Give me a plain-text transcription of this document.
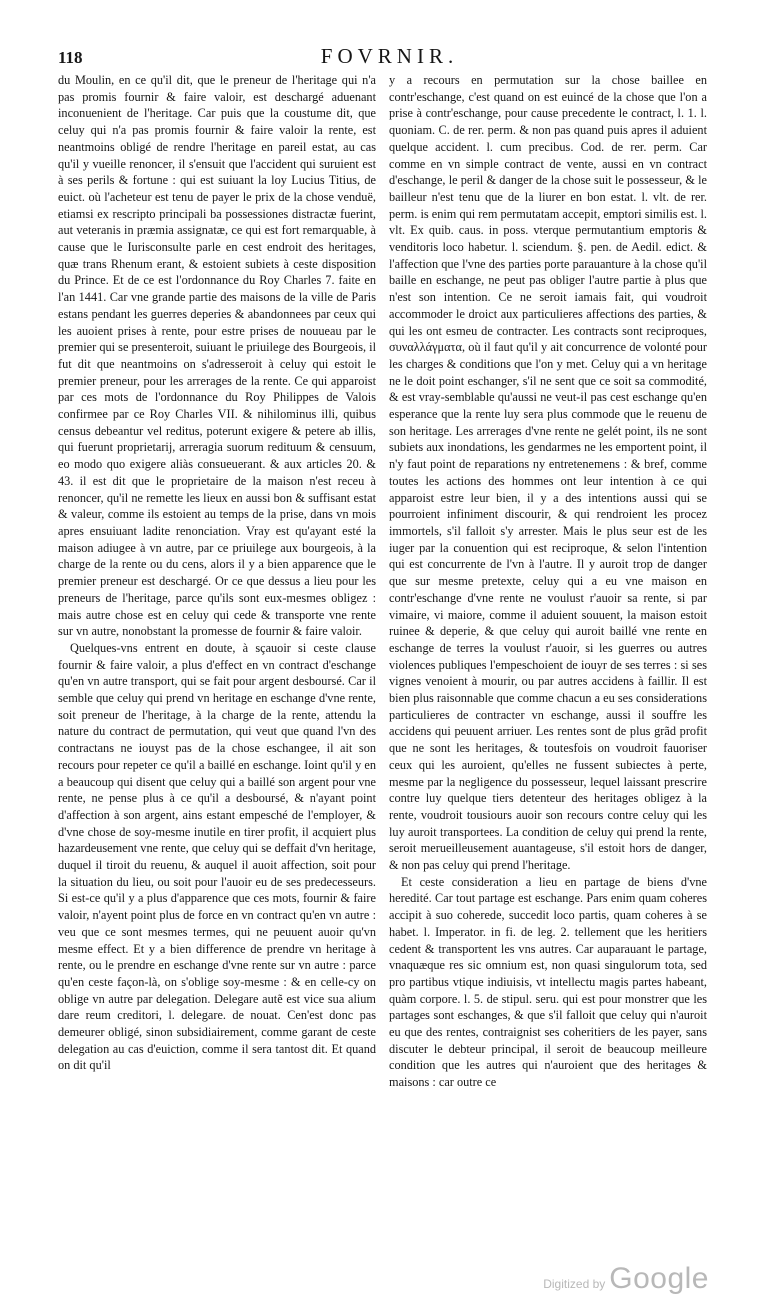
118	FOVRNIR.

du Moulin, en ce qu'il dit, que le preneur de l'heritage qui n'a pas promis fournir & faire valoir, est deschargé aduenant inconuenient de l'heritage. Car puis que la coustume dit, que celuy qui n'a pas promis fournir & faire valoir la rente, est neantmoins obligé de rendre l'heritage en pareil estat, au cas qu'il y vueille renoncer, il s'ensuit que l'accident qui suruient est à ses perils & fortune : qui est suiuant la loy Lucius Titius, de euict. où l'acheteur est tenu de payer le prix de la chose venduë, etiamsi ex rescripto principali ba possessiones distractæ fuerint, aut veteranis in præmia assignatæ, ce qui est fort remarquable, à cause que le Iurisconsulte parle en cest endroit des heritages, quæ trans Rhenum erant, & estoient subiets à ceste disposition du Prince. Et de ce est l'ordonnance du Roy Charles 7. faite en l'an 1441. Car vne grande partie des maisons de la ville de Paris estans pendant les guerres deperies & abandonnees par ceux qui les auoient prises à rente, pour estre prises de nouueau par le premier qui se presenteroit, suiuant le priuilege des Bourgeois, il fut dit que neantmoins on s'adresseroit à celuy qui estoit le premier preneur, pour les arrerages de la rente. Ce qui apparoist par ces mots de l'ordonnance du Roy Philippes de Valois confirmee par ce Roy Charles VII. & nihilominus illi, quibus census debeantur vel reditus, poterunt exigere & petere ab illis, qui fuerunt proprietarij, arreragia suorum redituum & censuum, eo modo quo exigere aliàs consueuerant. & aux articles 20. & 43. il est dit que le proprietaire de la maison n'est receu à renoncer, qu'il ne remette les lieux en aussi bon & suffisant estat & valeur, comme ils estoient au temps de la prise, dans vn mois apres ensuiuant ladite renonciation. Vray est qu'ayant esté la maison adiugee à vn autre, par ce priuilege aux bourgeois, à la charge de la rente ou du cens, alors il y a bien apparence que le premier preneur est deschargé. Or ce que dessus a lieu pour les preneurs de l'heritage, parce qu'ils sont eux-mesmes obligez : mais autre chose est en celuy qui cede & transporte vne rente sur vn autre, nonobstant la promesse de fournir & faire valoir.

Quelques-vns entrent en doute, à sçauoir si ceste clause fournir & faire valoir, a plus d'effect en vn contract d'eschange qu'en vn autre transport, qui se fait pour argent desboursé. Car il semble que celuy qui prend vn heritage en eschange d'vne rente, soit preneur de l'heritage, à la charge de la rente, attendu la nature du contract de permutation, qui veut que quand l'vn des contractans ne iouyst pas de la chose eschangee, il ait son recours pour repeter ce qu'il a baillé en eschange. Ioint qu'il y en a beaucoup qui disent que celuy qui a baillé son argent pour vne rente, ne pense plus à ce qu'il a desboursé, & n'ayant point d'affection à son argent, ains estant empesché de l'employer, & d'vne chose de soy-mesme inutile en tirer profit, il acquiert plus hazardeusement vne rente, que celuy qui se deffait d'vn heritage, duquel il tiroit du reuenu, & auquel il auoit affection, soit pour la situation du lieu, ou soit pour l'auoir eu de ses predecesseurs. Si est-ce qu'il y a plus d'apparence que ces mots, fournir & faire valoir, n'ayent point plus de force en vn contract qu'en vn autre : veu que ce sont mesmes termes, qui ne peuuent auoir qu'vn mesme effect. Et y a bien difference de prendre vn heritage à rente, ou le prendre en eschange d'vne rente sur vn autre : parce qu'en ceste façon-là, on s'oblige soy-mesme : & en celle-cy on oblige vn autre par delegation. Delegare autẽ est vice sua alium dare reum creditori, l. delegare. de nouat. Cen'est donc pas demeurer obligé, sinon subsidiairement, comme garant de ceste delegation au cas d'euiction, comme il sera tantost dit. Et quand on dit qu'il

y a recours en permutation sur la chose baillee en contr'eschange, c'est quand on est euincé de la chose que l'on a prise à contr'eschange, pour cause precedente le contract, l. 1. l. quoniam. C. de rer. perm. & non pas quand puis apres il aduient quelque accident. l. cum precibus. Cod. de rer. perm. Car comme en vn simple contract de vente, aussi en vn contract d'eschange, le peril & danger de la chose suit le possesseur, & le bailleur n'est tenu que de la liurer en bon estat. l. vlt. de rer. perm. is enim qui rem permutatam accepit, emptori similis est. l. vlt. Ex quib. caus. in poss. vterque permutantium emptoris & venditoris loco habetur. l. sciendum. §. pen. de Aedil. edict. & l'affection que l'vne des parties porte parauanture à la chose qu'il baille en eschange, ne peut pas obliger l'autre partie à plus que n'est son intention. Ce ne seroit iamais fait, qui voudroit accommoder le droict aux particulieres affections des parties, & qui les ont esmeu de contracter. Les contracts sont reciproques, συναλλάγματα, où il faut qu'il y ait concurrence de volonté pour les charges & conditions que l'on y met. Celuy qui a vn heritage ne le doit point eschanger, s'il ne sent que ce soit sa commodité, & est vray-semblable qu'aussi ne veut-il pas cest eschange qu'en esperance que la rente luy sera plus commode que le reuenu de son heritage. Les arrerages d'vne rente ne gelét point, ils ne sont subiets aux inondations, les gendarmes ne les emportent point, il n'y faut point de reparations ny entretenemens : & bref, comme toutes les actions des hommes ont leur intention à ce qui apparoist estre leur bien, il y a des intentions aussi qui se pourroient infiniment discourir, & qui rendroient les procez immortels, s'il falloit s'y arrester. Mais le plus seur est de les iuger par la conuention qui est reciproque, & selon l'intention qui est concurrente de l'vn à l'autre. Il y auroit trop de danger que sur mesme pretexte, celuy qui a eu vne maison en contr'eschange d'vne rente ne voulust r'auoir sa rente, si par vimaire, vi maiore, comme il aduient souuent, la maison estoit ruinee & deperie, & que celuy qui auroit baillé vne rente en eschange de terres la voulust r'auoir, si les guerres ou autres violences publiques l'empeschoient de iouyr de ses terres : si ses vignes venoient à mourir, ou par autres accidens à faillir. Il est bien plus raisonnable que comme chacun a eu ses considerations particulieres de contracter vn eschange, aussi il souffre les accidens qui peuuent arriuer. Les rentes sont de plus grãd profit que ne sont les heritages, & toutesfois on voudroit fauoriser ceux qui les auroient, qu'elles ne fussent subiectes à perte, mesme par la negligence du possesseur, lequel laissant prescrire contre luy quelque tiers detenteur des heritages obligez à la rente, voudroit tousiours auoir son recours contre celuy qui les luy auroit transportees. La condition de celuy qui prend la rente, seroit merueilleusement auantageuse, s'il estoit hors de danger, & non pas celuy qui prend l'heritage.

Et ceste consideration a lieu en partage de biens d'vne heredité. Car tout partage est eschange. Pars enim quam coheres accipit à suo coherede, succedit loco partis, quam coheres à se habet. l. Imperator. in fi. de leg. 2. tellement que les heritiers cedent & transportent les vns autres. Car auparauant le partage, vnaquæque res sic omnium est, non quasi singulorum tota, sed pro partibus vtique indiuisis, vt intellectu magis partes habeant, quàm corpore. l. 5. de stipul. seru. qui est pour monstrer que les partages sont eschanges, & que s'il falloit que celuy qui n'auroit eu que des rentes, contraignist ses coheritiers de les payer, sans discuter le debteur principal, il seroit de beaucoup meilleure condition que les autres qui n'auroient que des heritages & maisons : car outre ce

Digitized by Google
